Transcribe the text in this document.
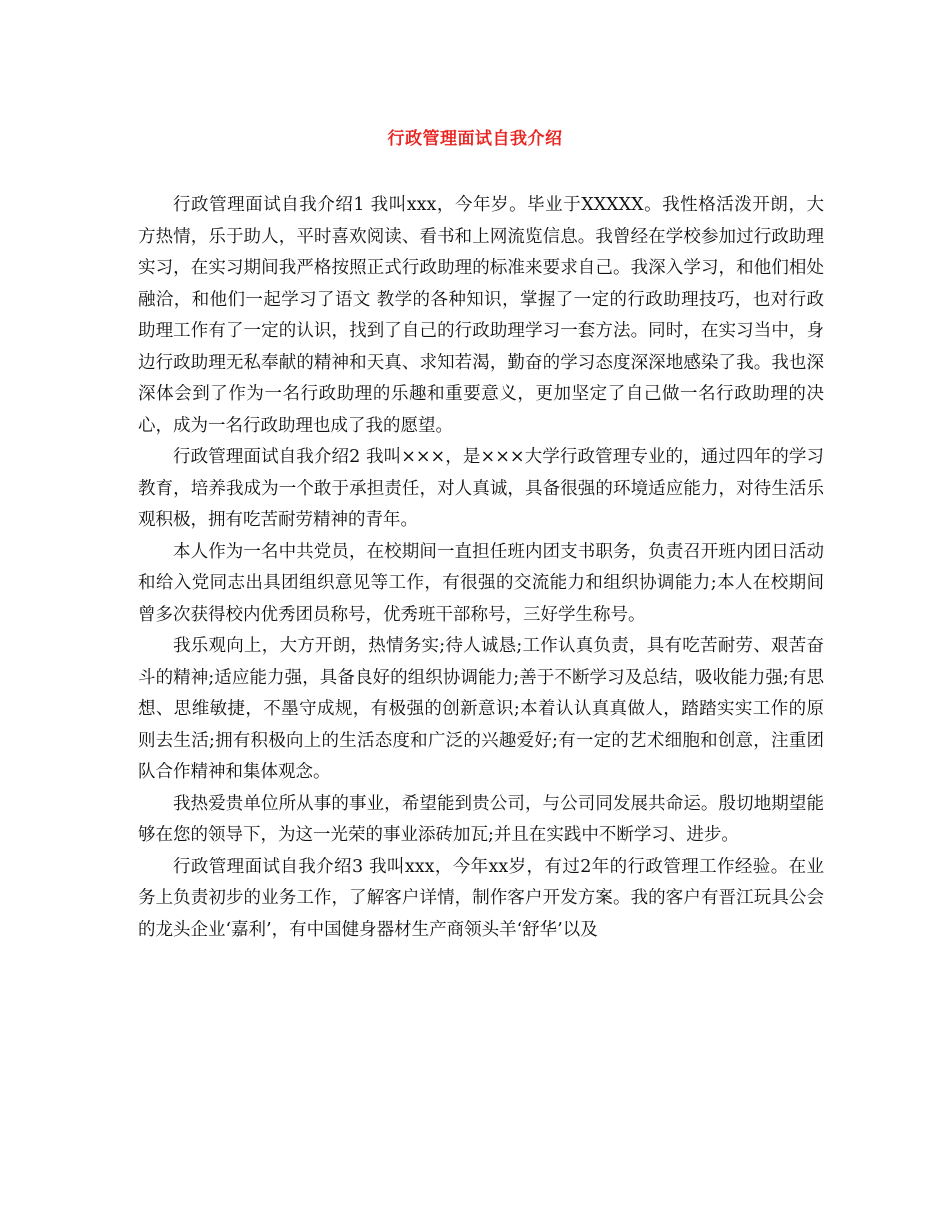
行政管理面试自我介绍

行政管理面试自我介绍1 我叫xxx，今年岁。毕业于XXXXX。我性格活泼开朗，大方热情，乐于助人，平时喜欢阅读、看书和上网流览信息。我曾经在学校参加过行政助理实习，在实习期间我严格按照正式行政助理的标准来要求自己。我深入学习，和他们相处融洽，和他们一起学习了语文 教学的各种知识，掌握了一定的行政助理技巧，也对行政助理工作有了一定的认识，找到了自己的行政助理学习一套方法。同时，在实习当中，身边行政助理无私奉献的精神和天真、求知若渴，勤奋的学习态度深深地感染了我。我也深深体会到了作为一名行政助理的乐趣和重要意义，更加坚定了自己做一名行政助理的决心，成为一名行政助理也成了我的愿望。

行政管理面试自我介绍2 我叫×××，是×××大学行政管理专业的，通过四年的学习教育，培养我成为一个敢于承担责任，对人真诚，具备很强的环境适应能力，对待生活乐观积极，拥有吃苦耐劳精神的青年。

本人作为一名中共党员，在校期间一直担任班内团支书职务，负责召开班内团日活动和给入党同志出具团组织意见等工作，有很强的交流能力和组织协调能力;本人在校期间曾多次获得校内优秀团员称号，优秀班干部称号，三好学生称号。

我乐观向上，大方开朗，热情务实;待人诚恳;工作认真负责，具有吃苦耐劳、艰苦奋斗的精神;适应能力强，具备良好的组织协调能力;善于不断学习及总结，吸收能力强;有思想、思维敏捷，不墨守成规，有极强的创新意识;本着认认真真做人，踏踏实实工作的原则去生活;拥有积极向上的生活态度和广泛的兴趣爱好;有一定的艺术细胞和创意，注重团队合作精神和集体观念。

我热爱贵单位所从事的事业，希望能到贵公司，与公司同发展共命运。殷切地期望能够在您的领导下，为这一光荣的事业添砖加瓦;并且在实践中不断学习、进步。

行政管理面试自我介绍3 我叫xxx，今年xx岁，有过2年的行政管理工作经验。在业务上负责初步的业务工作，了解客户详情，制作客户开发方案。我的客户有晋江玩具公会的龙头企业‘嘉利’，有中国健身器材生产商领头羊‘舒华’以及
